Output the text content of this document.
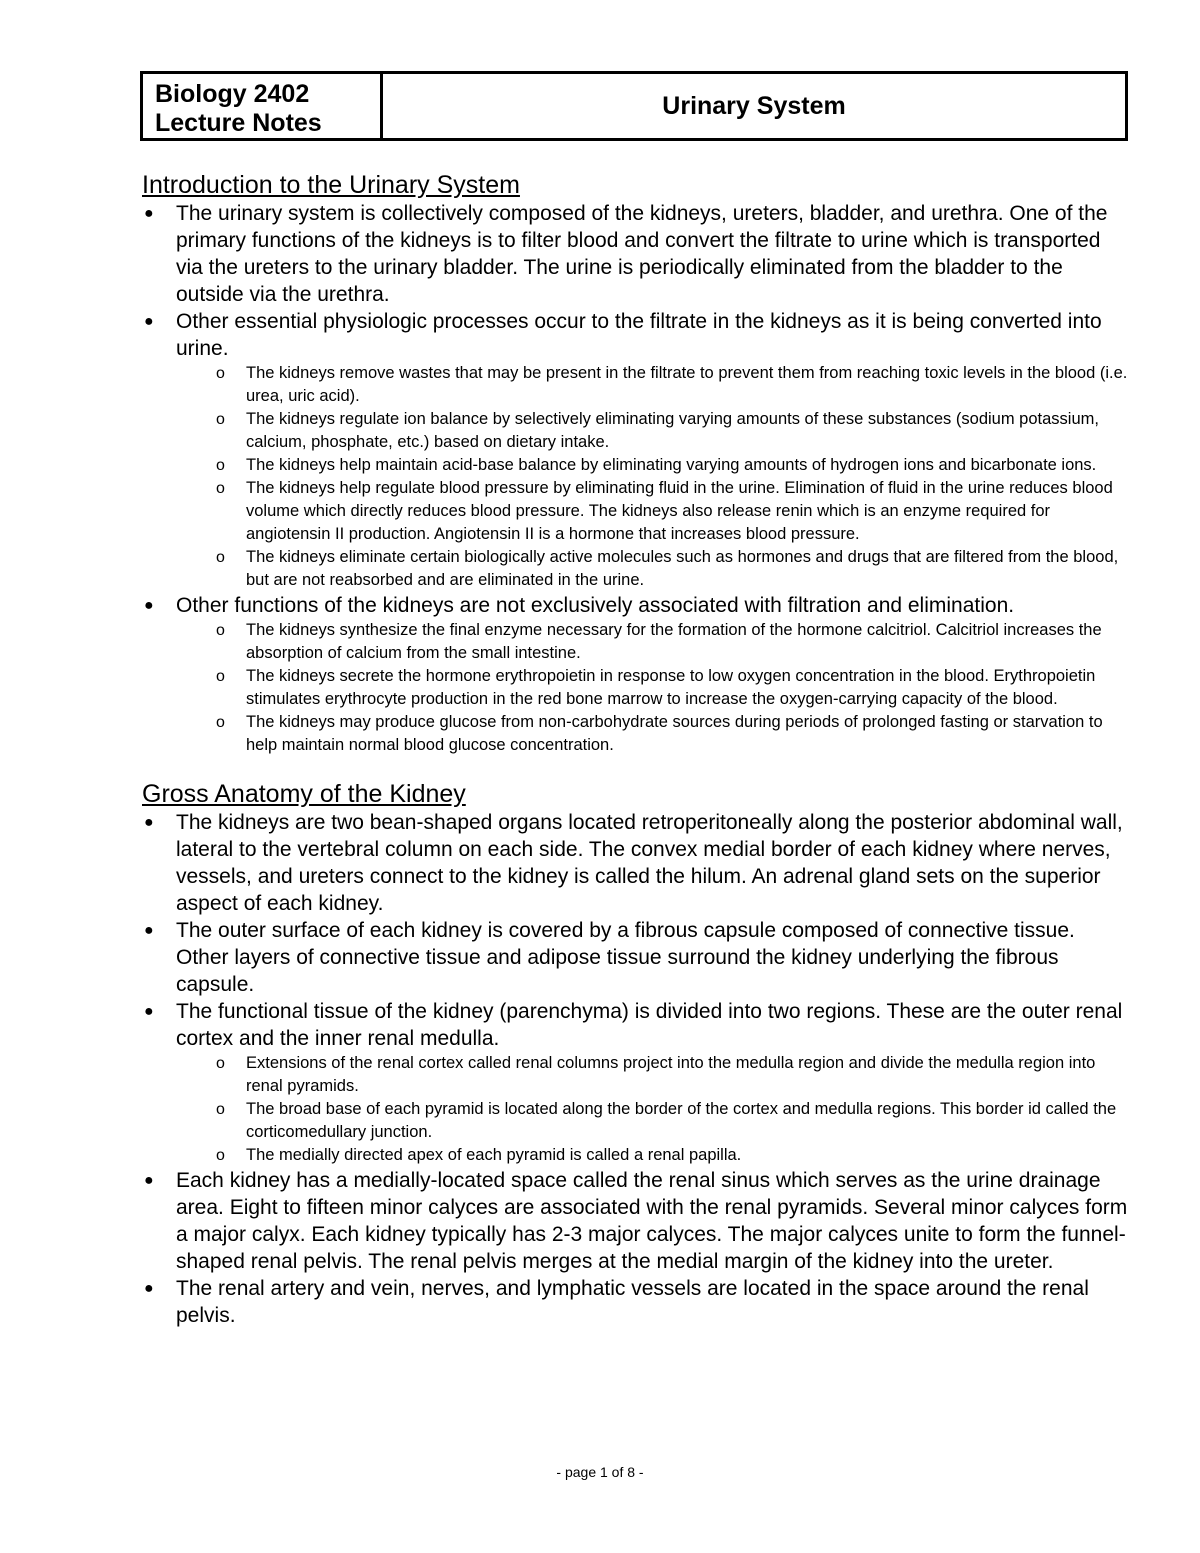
Biology 2402
Lecture Notes
Urinary System
Introduction to the Urinary System
● The urinary system is collectively composed of the kidneys, ureters, bladder, and urethra. One of the primary functions of the kidneys is to filter blood and convert the filtrate to urine which is transported via the ureters to the urinary bladder. The urine is periodically eliminated from the bladder to the outside via the urethra.
● Other essential physiologic processes occur to the filtrate in the kidneys as it is being converted into urine.
o The kidneys remove wastes that may be present in the filtrate to prevent them from reaching toxic levels in the blood (i.e. urea, uric acid).
o The kidneys regulate ion balance by selectively eliminating varying amounts of these substances (sodium potassium, calcium, phosphate, etc.) based on dietary intake.
o The kidneys help maintain acid-base balance by eliminating varying amounts of hydrogen ions and bicarbonate ions.
o The kidneys help regulate blood pressure by eliminating fluid in the urine. Elimination of fluid in the urine reduces blood volume which directly reduces blood pressure. The kidneys also release renin which is an enzyme required for angiotensin II production. Angiotensin II is a hormone that increases blood pressure.
o The kidneys eliminate certain biologically active molecules such as hormones and drugs that are filtered from the blood, but are not reabsorbed and are eliminated in the urine.
● Other functions of the kidneys are not exclusively associated with filtration and elimination.
o The kidneys synthesize the final enzyme necessary for the formation of the hormone calcitriol. Calcitriol increases the absorption of calcium from the small intestine.
o The kidneys secrete the hormone erythropoietin in response to low oxygen concentration in the blood. Erythropoietin stimulates erythrocyte production in the red bone marrow to increase the oxygen-carrying capacity of the blood.
o The kidneys may produce glucose from non-carbohydrate sources during periods of prolonged fasting or starvation to help maintain normal blood glucose concentration.
Gross Anatomy of the Kidney
● The kidneys are two bean-shaped organs located retroperitoneally along the posterior abdominal wall, lateral to the vertebral column on each side. The convex medial border of each kidney where nerves, vessels, and ureters connect to the kidney is called the hilum. An adrenal gland sets on the superior aspect of each kidney.
● The outer surface of each kidney is covered by a fibrous capsule composed of connective tissue. Other layers of connective tissue and adipose tissue surround the kidney underlying the fibrous capsule.
● The functional tissue of the kidney (parenchyma) is divided into two regions. These are the outer renal cortex and the inner renal medulla.
o Extensions of the renal cortex called renal columns project into the medulla region and divide the medulla region into renal pyramids.
o The broad base of each pyramid is located along the border of the cortex and medulla regions. This border id called the corticomedullary junction.
o The medially directed apex of each pyramid is called a renal papilla.
● Each kidney has a medially-located space called the renal sinus which serves as the urine drainage area. Eight to fifteen minor calyces are associated with the renal pyramids. Several minor calyces form a major calyx. Each kidney typically has 2-3 major calyces. The major calyces unite to form the funnel-shaped renal pelvis. The renal pelvis merges at the medial margin of the kidney into the ureter.
● The renal artery and vein, nerves, and lymphatic vessels are located in the space around the renal pelvis.
- page 1 of 8 -
